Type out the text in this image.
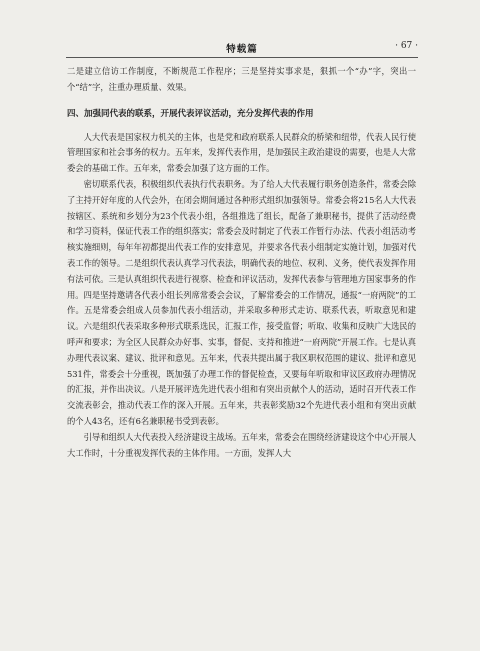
特载篇	· 67 ·

二是建立信访工作制度，不断规范工作程序；三是坚持实事求是，狠抓一个“办”字，突出一个“结”字，注重办理质量、效果。

四、加强同代表的联系，开展代表评议活动，充分发挥代表的作用

人大代表是国家权力机关的主体，也是党和政府联系人民群众的桥梁和纽带，代表人民行使管理国家和社会事务的权力。五年来，发挥代表作用，是加强民主政治建设的需要，也是人大常委会的基础工作。五年来，常委会加强了这方面的工作。

密切联系代表，积极组织代表执行代表职务。为了给人大代表履行职务创造条件，常委会除了主持开好年度的人代会外，在闭会期间通过各种形式组织加强领导。常委会将215名人大代表按辖区、系统和乡划分为23个代表小组，各组推选了组长，配备了兼职秘书，提供了活动经费和学习资料，保证代表工作的组织落实；常委会及时制定了代表工作暂行办法、代表小组活动考核实施细则，每年年初都提出代表工作的安排意见，并要求各代表小组制定实施计划，加强对代表工作的领导。二是组织代表认真学习代表法，明确代表的地位、权利、义务，使代表发挥作用有法可依。三是认真组织代表进行视察、检查和评议活动，发挥代表参与管理地方国家事务的作用。四是坚持邀请各代表小组长列席常委会会议，了解常委会的工作情况，通报“一府两院”的工作。五是常委会组成人员参加代表小组活动，并采取多种形式走访、联系代表，听取意见和建议。六是组织代表采取多种形式联系选民，汇报工作，接受监督；听取、收集和反映广大选民的呼声和要求；为全区人民群众办好事、实事，督促、支持和推进“一府两院”开展工作。七是认真办理代表议案、建议、批评和意见。五年来，代表共提出属于我区职权范围的建议、批评和意见531件，常委会十分重视，既加强了办理工作的督促检查，又要每年听取和审议区政府办理情况的汇报，并作出决议。八是开展评选先进代表小组和有突出贡献个人的活动，适时召开代表工作交流表彰会，推动代表工作的深入开展。五年来，共表彰奖励32个先进代表小组和有突出贡献的个人43名，还有6名兼职秘书受到表彰。

引导和组织人大代表投入经济建设主战场。五年来，常委会在围绕经济建设这个中心开展人大工作时，十分重视发挥代表的主体作用。一方面，发挥人大
